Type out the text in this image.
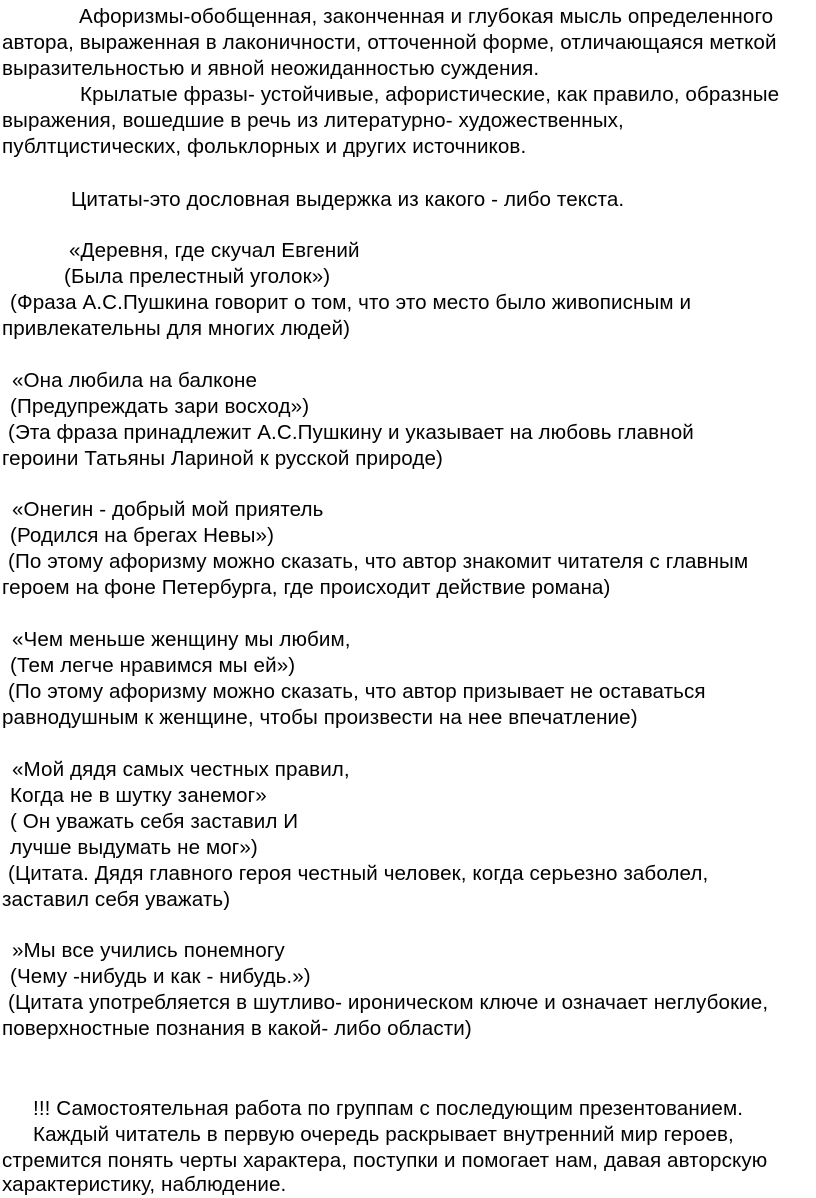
Афоризмы-обобщенная, законченная и глубокая мысль определенного
автора, выраженная в лаконичности, отточенной форме, отличающаяся меткой
выразительностью и явной неожиданностью суждения.
Крылатые фразы- устойчивые, афористические, как правило, образные
выражения, вошедшие в речь из литературно- художественных,
публтцистических, фольклорных и других источников.
Цитаты-это дословная выдержка из какого - либо текста.
«Деревня, где скучал Евгений
(Была прелестный уголок»)
(Фраза А.С.Пушкина говорит о том, что это место было живописным и
привлекательны для многих людей)
«Она любила на балконе
(Предупреждать зари восход»)
(Эта фраза принадлежит А.С.Пушкину и указывает на любовь главной
героини Татьяны Лариной к русской природе)
«Онегин - добрый мой приятель
(Родился на брегах Невы»)
(По этому афоризму можно сказать, что автор знакомит читателя с главным
героем на фоне Петербурга, где происходит действие романа)
«Чем меньше женщину мы любим,
(Тем легче нравимся мы ей»)
(По этому афоризму можно сказать, что автор призывает не оставаться
равнодушным к женщине, чтобы произвести на нее впечатление)
«Мой дядя самых честных правил,
Когда не в шутку занемог»
( Он уважать себя заставил И
лучше выдумать не мог»)
(Цитата. Дядя главного героя честный человек, когда серьезно заболел,
заставил себя уважать)
»Мы все учились понемногу
(Чему -нибудь и как - нибудь.»)
(Цитата употребляется в шутливо- ироническом ключе и означает неглубокие,
поверхностные познания в какой- либо области)
!!! Самостоятельная работа по группам с последующим презентованием.
Каждый читатель в первую очередь раскрывает внутренний мир героев,
стремится понять черты характера, поступки и помогает нам, давая авторскую
характеристику, наблюдение.
